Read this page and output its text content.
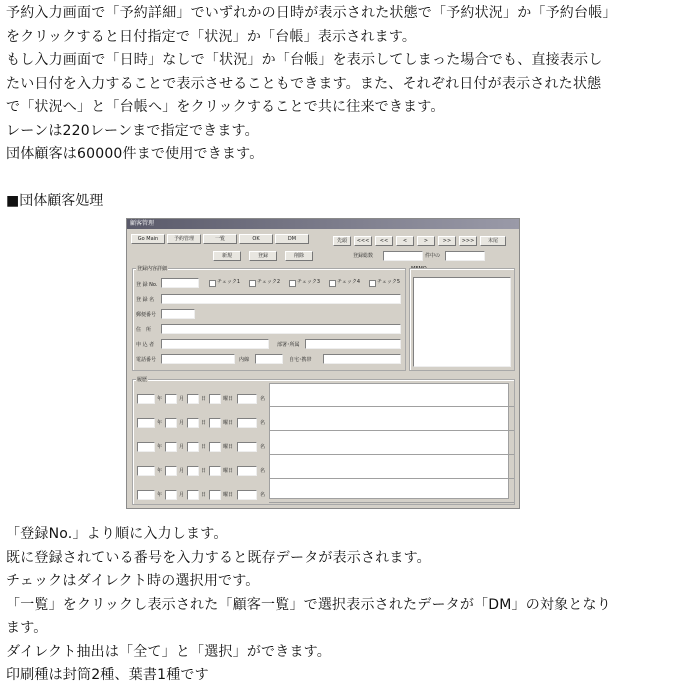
予約入力画面で「予約詳細」でいずれかの日時が表示された状態で「予約状況」か「予約台帳」
をクリックすると日付指定で「状況」か「台帳」表示されます。
もし入力画面で「日時」なしで「状況」か「台帳」を表示してしまった場合でも、直接表示し
たい日付を入力することで表示させることもできます。また、それぞれ日付が表示された状態
で「状況へ」と「台帳へ」をクリックすることで共に往来できます。
レーンは220レーンまで指定できます。
団体顧客は60000件まで使用できます。
■団体顧客処理
顧客管理
Go Main	予約管理	一覧	OK	DM	先頭	<<<	<<	<	>	>>	>>>	末尾
新規	登録	削除	登録総数	件中の
登録内容詳細
登 録 No.	チェック1	チェック2	チェック3	チェック4	チェック5
登 録 名
郵便番号
住　所
申 込 者	部署･所属
電話番号	内線	自宅･携帯
MEMO
履歴
年	月	日	曜日	名
年	月	日	曜日	名
年	月	日	曜日	名
年	月	日	曜日	名
年	月	日	曜日	名
「登録No.」より順に入力します。
既に登録されている番号を入力すると既存データが表示されます。
チェックはダイレクト時の選択用です。
「一覧」をクリックし表示された「顧客一覧」で選択表示されたデータが「DM」の対象となり
ます。
ダイレクト抽出は「全て」と「選択」ができます。
印刷種は封筒2種、葉書1種です
